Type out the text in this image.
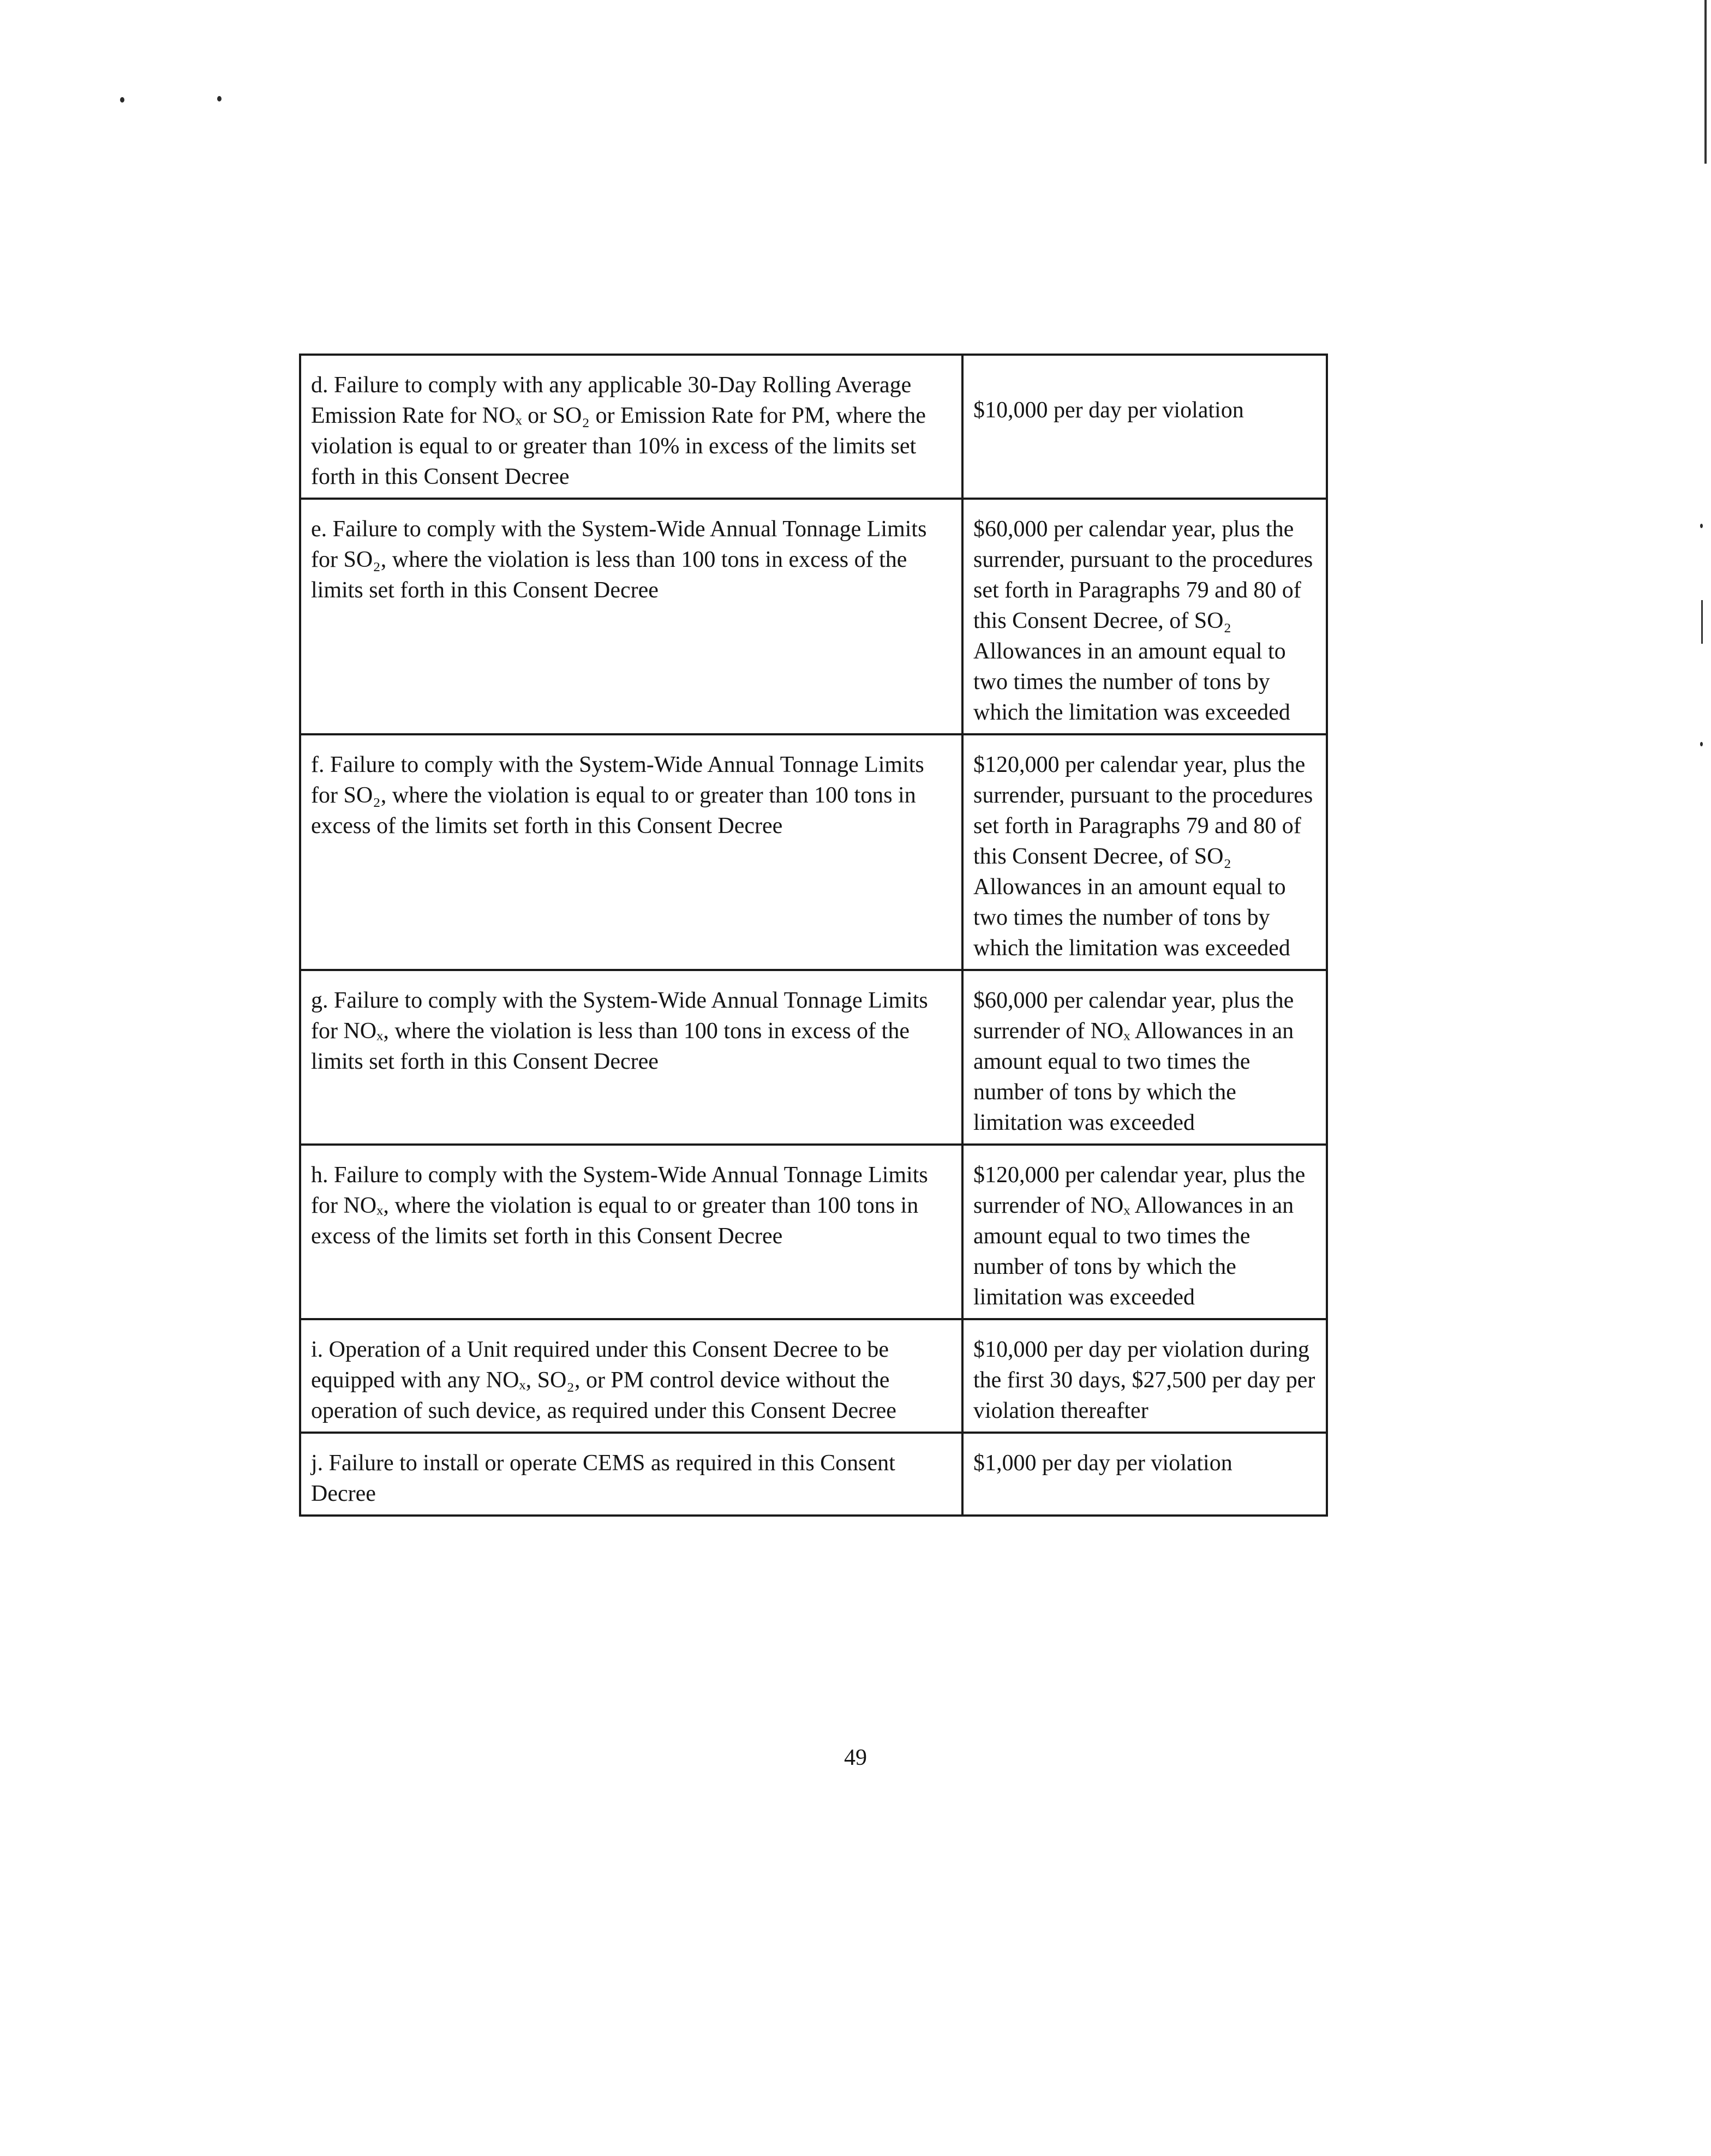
d. Failure to comply with any applicable 30-Day Rolling Average Emission Rate for NOₓ or SO₂ or Emission Rate for PM, where the violation is equal to or greater than 10% in excess of the limits set forth in this Consent Decree	$10,000 per day per violation
e. Failure to comply with the System-Wide Annual Tonnage Limits for SO₂, where the violation is less than 100 tons in excess of the limits set forth in this Consent Decree	$60,000 per calendar year, plus the surrender, pursuant to the procedures set forth in Paragraphs 79 and 80 of this Consent Decree, of SO₂ Allowances in an amount equal to two times the number of tons by which the limitation was exceeded
f. Failure to comply with the System-Wide Annual Tonnage Limits for SO₂, where the violation is equal to or greater than 100 tons in excess of the limits set forth in this Consent Decree	$120,000 per calendar year, plus the surrender, pursuant to the procedures set forth in Paragraphs 79 and 80 of this Consent Decree, of SO₂ Allowances in an amount equal to two times the number of tons by which the limitation was exceeded
g. Failure to comply with the System-Wide Annual Tonnage Limits for NOₓ, where the violation is less than 100 tons in excess of the limits set forth in this Consent Decree	$60,000 per calendar year, plus the surrender of NOₓ Allowances in an amount equal to two times the number of tons by which the limitation was exceeded
h. Failure to comply with the System-Wide Annual Tonnage Limits for NOₓ, where the violation is equal to or greater than 100 tons in excess of the limits set forth in this Consent Decree	$120,000 per calendar year, plus the surrender of NOₓ Allowances in an amount equal to two times the number of tons by which the limitation was exceeded
i. Operation of a Unit required under this Consent Decree to be equipped with any NOₓ, SO₂, or PM control device without the operation of such device, as required under this Consent Decree	$10,000 per day per violation during the first 30 days, $27,500 per day per violation thereafter
j. Failure to install or operate CEMS as required in this Consent Decree	$1,000 per day per violation
49
